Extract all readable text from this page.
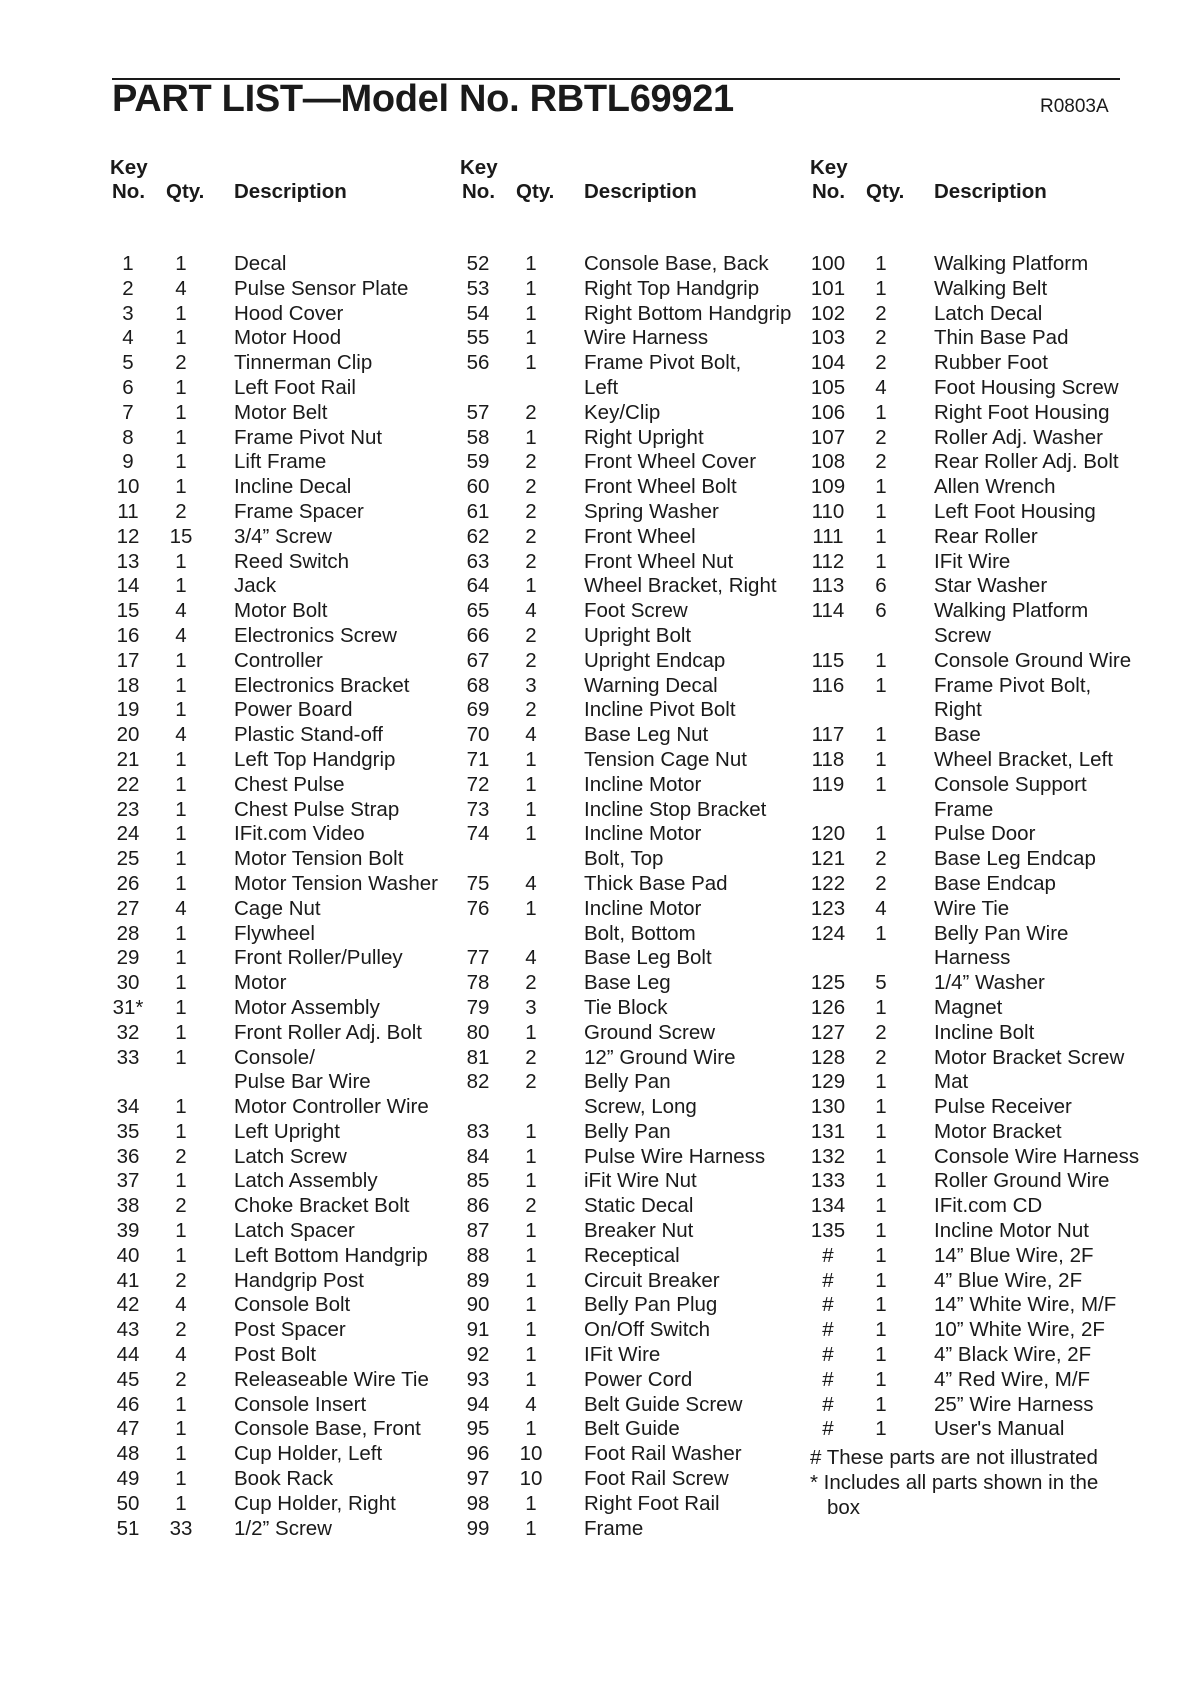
PART LIST—Model No. RBTL69921	R0803A
Key
No. Qty. Description
1	1	Decal
2	4	Pulse Sensor Plate
3	1	Hood Cover
4	1	Motor Hood
5	2	Tinnerman Clip
6	1	Left Foot Rail
7	1	Motor Belt
8	1	Frame Pivot Nut
9	1	Lift Frame
10	1	Incline Decal
11	2	Frame Spacer
12	15 3/4” Screw
13	1	Reed Switch
14	1	Jack
15	4	Motor Bolt
16	4	Electronics Screw
17	1	Controller
18	1	Electronics Bracket
19	1	Power Board
20	4	Plastic Stand-off
21	1	Left Top Handgrip
22	1	Chest Pulse
23	1	Chest Pulse Strap
24	1	IFit.com Video
25	1	Motor Tension Bolt
26	1	Motor Tension Washer
27	4	Cage Nut
28	1	Flywheel
29	1	Front Roller/Pulley
30	1	Motor
31*	1	Motor Assembly
32	1	Front Roller Adj. Bolt
33	1	Console/
Pulse Bar Wire
34	1	Motor Controller Wire
35	1	Left Upright
36	2	Latch Screw
37	1	Latch Assembly
38	2	Choke Bracket Bolt
39	1	Latch Spacer
40	1	Left Bottom Handgrip
41	2	Handgrip Post
42	4	Console Bolt
43	2	Post Spacer
44	4	Post Bolt
45	2	Releaseable Wire Tie
46	1	Console Insert
47	1	Console Base, Front
48	1	Cup Holder, Left
49	1	Book Rack
50	1	Cup Holder, Right
51	33 1/2” Screw
Key
No. Qty. Description
52	1	Console Base, Back
53	1	Right Top Handgrip
54	1	Right Bottom Handgrip
55	1	Wire Harness
56	1	Frame Pivot Bolt,
Left
57	2	Key/Clip
58	1	Right Upright
59	2	Front Wheel Cover
60	2	Front Wheel Bolt
61	2	Spring Washer
62	2	Front Wheel
63	2	Front Wheel Nut
64	1	Wheel Bracket, Right
65	4	Foot Screw
66	2	Upright Bolt
67	2	Upright Endcap
68	3	Warning Decal
69	2	Incline Pivot Bolt
70	4	Base Leg Nut
71	1	Tension Cage Nut
72	1	Incline Motor
73	1	Incline Stop Bracket
74	1	Incline Motor
Bolt, Top
75	4	Thick Base Pad
76	1	Incline Motor
Bolt, Bottom
77	4	Base Leg Bolt
78	2	Base Leg
79	3	Tie Block
80	1	Ground Screw
81	2	12” Ground Wire
82	2	Belly Pan
Screw, Long
83	1	Belly Pan
84	1	Pulse Wire Harness
85	1	iFit Wire Nut
86	2	Static Decal
87	1	Breaker Nut
88	1	Receptical
89	1	Circuit Breaker
90	1	Belly Pan Plug
91	1	On/Off Switch
92	1	IFit Wire
93	1	Power Cord
94	4	Belt Guide Screw
95	1	Belt Guide
96	10 Foot Rail Washer
97	10 Foot Rail Screw
98	1	Right Foot Rail
99	1	Frame
Key
No. Qty. Description
100	1	Walking Platform
101	1	Walking Belt
102	2	Latch Decal
103	2	Thin Base Pad
104	2	Rubber Foot
105	4	Foot Housing Screw
106	1	Right Foot Housing
107	2	Roller Adj. Washer
108	2	Rear Roller Adj. Bolt
109	1	Allen Wrench
110	1	Left Foot Housing
111	1	Rear Roller
112	1	IFit Wire
113	6	Star Washer
114	6	Walking Platform
Screw
115	1	Console Ground Wire
116	1	Frame Pivot Bolt,
Right
117	1	Base
118	1	Wheel Bracket, Left
119	1	Console Support
Frame
120	1	Pulse Door
121	2	Base Leg Endcap
122	2	Base Endcap
123	4	Wire Tie
124	1	Belly Pan Wire
Harness
125	5	1/4” Washer
126	1	Magnet
127	2	Incline Bolt
128	2	Motor Bracket Screw
129	1	Mat
130	1	Pulse Receiver
131	1	Motor Bracket
132	1	Console Wire Harness
133	1	Roller Ground Wire
134	1	IFit.com CD
135	1	Incline Motor Nut
#	1	14” Blue Wire, 2F
#	1	4” Blue Wire, 2F
#	1	14” White Wire, M/F
#	1	10” White Wire, 2F
#	1	4” Black Wire, 2F
#	1	4” Red Wire, M/F
#	1	25” Wire Harness
#	1	User's Manual
# These parts are not illustrated
* Includes all parts shown in the box
